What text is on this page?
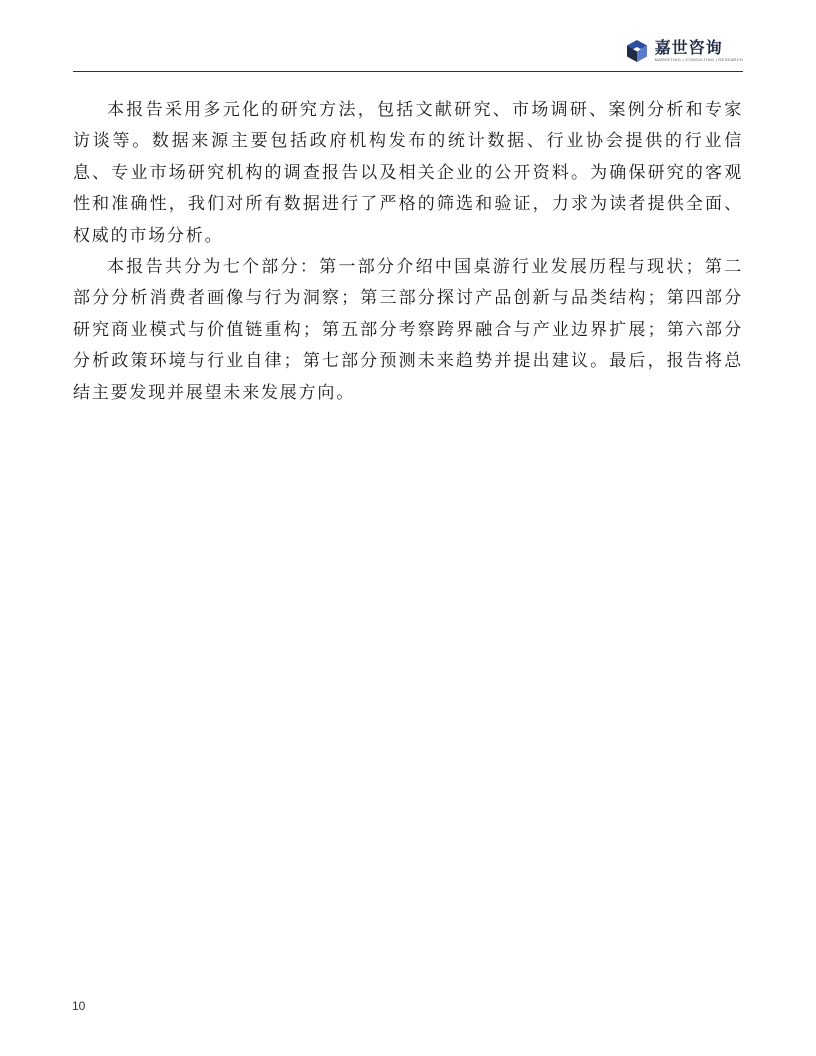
嘉世咨询
MARKETING | CONSULTING | RESEARCH

本报告采用多元化的研究方法，包括文献研究、市场调研、案例分析和专家访谈等。数据来源主要包括政府机构发布的统计数据、行业协会提供的行业信息、专业市场研究机构的调查报告以及相关企业的公开资料。为确保研究的客观性和准确性，我们对所有数据进行了严格的筛选和验证，力求为读者提供全面、权威的市场分析。

本报告共分为七个部分：第一部分介绍中国桌游行业发展历程与现状；第二部分分析消费者画像与行为洞察；第三部分探讨产品创新与品类结构；第四部分研究商业模式与价值链重构；第五部分考察跨界融合与产业边界扩展；第六部分分析政策环境与行业自律；第七部分预测未来趋势并提出建议。最后，报告将总结主要发现并展望未来发展方向。

10
